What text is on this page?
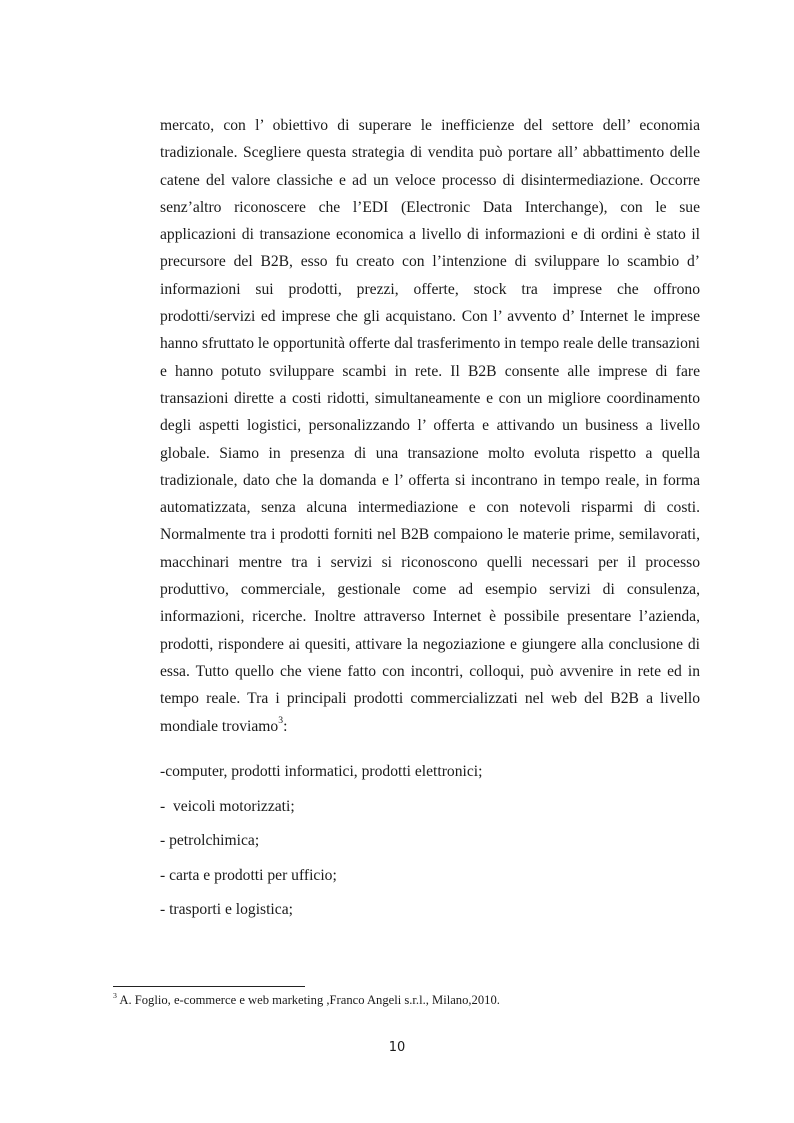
mercato, con l’ obiettivo di superare le inefficienze del settore dell’ economia tradizionale. Scegliere questa strategia di vendita può portare all’ abbattimento delle catene del valore classiche e ad un veloce processo di disintermediazione. Occorre senz’altro riconoscere che l’EDI (Electronic Data Interchange), con le sue applicazioni di transazione economica a livello di informazioni e di ordini è stato il precursore del B2B, esso fu creato con l’intenzione di sviluppare lo scambio d’ informazioni sui prodotti, prezzi, offerte, stock tra imprese che offrono prodotti/servizi ed imprese che gli acquistano. Con l’ avvento d’ Internet le imprese hanno sfruttato le opportunità offerte dal trasferimento in tempo reale delle transazioni e hanno potuto sviluppare scambi in rete. Il B2B consente alle imprese di fare transazioni dirette a costi ridotti, simultaneamente e con un migliore coordinamento degli aspetti logistici, personalizzando l’ offerta e attivando un business a livello globale. Siamo in presenza di una transazione molto evoluta rispetto a quella tradizionale, dato che la domanda e l’ offerta si incontrano in tempo reale, in forma automatizzata, senza alcuna intermediazione e con notevoli risparmi di costi. Normalmente tra i prodotti forniti nel B2B compaiono le materie prime, semilavorati, macchinari mentre tra i servizi si riconoscono quelli necessari per il processo produttivo, commerciale, gestionale come ad esempio servizi di consulenza, informazioni, ricerche. Inoltre attraverso Internet è possibile presentare l’azienda, prodotti, rispondere ai quesiti, attivare la negoziazione e giungere alla conclusione di essa. Tutto quello che viene fatto con incontri, colloqui, può avvenire in rete ed in tempo reale. Tra i principali prodotti commercializzati nel web del B2B a livello mondiale troviamo$^3$:

-computer, prodotti informatici, prodotti elettronici;
-  veicoli motorizzati;
- petrolchimica;
- carta e prodotti per ufficio;
- trasporti e logistica;
$^3$ A. Foglio, e-commerce e web marketing ,Franco Angeli s.r.l., Milano,2010.
10
